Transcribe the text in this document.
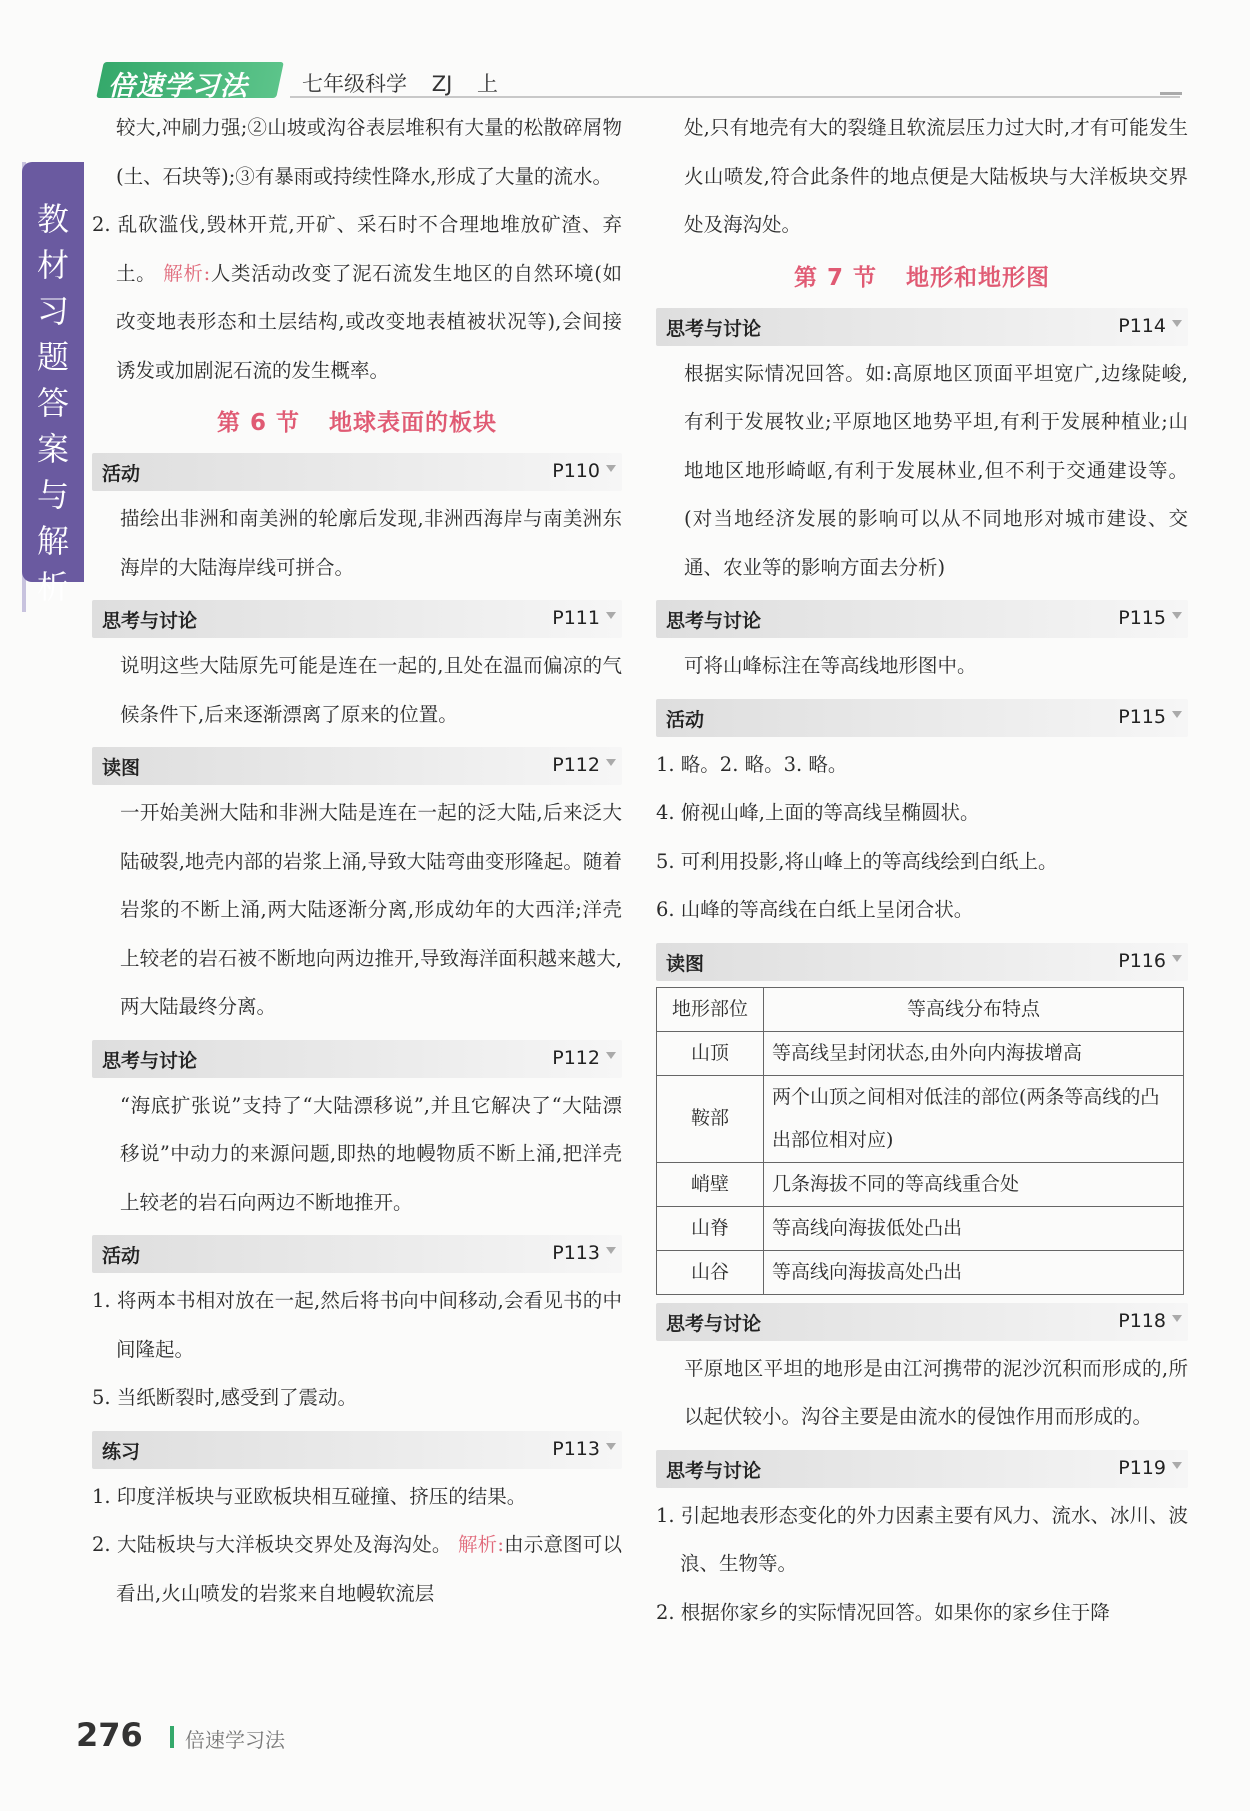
倍速学习法	七年级科学 ZJ 上
教材习题答案与解析

较大,冲刷力强;②山坡或沟谷表层堆积有大量的松散碎屑物(土、石块等);③有暴雨或持续性降水,形成了大量的流水。

2. 乱砍滥伐,毁林开荒,开矿、采石时不合理地堆放矿渣、弃土。 解析:人类活动改变了泥石流发生地区的自然环境(如改变地表形态和土层结构,或改变地表植被状况等),会间接诱发或加剧泥石流的发生概率。

第 6 节 地球表面的板块
活动	P110

描绘出非洲和南美洲的轮廓后发现,非洲西海岸与南美洲东海岸的大陆海岸线可拼合。

思考与讨论	P111

说明这些大陆原先可能是连在一起的,且处在温而偏凉的气候条件下,后来逐渐漂离了原来的位置。

读图	P112

一开始美洲大陆和非洲大陆是连在一起的泛大陆,后来泛大陆破裂,地壳内部的岩浆上涌,导致大陆弯曲变形隆起。随着岩浆的不断上涌,两大陆逐渐分离,形成幼年的大西洋;洋壳上较老的岩石被不断地向两边推开,导致海洋面积越来越大,两大陆最终分离。

思考与讨论	P112

“海底扩张说”支持了“大陆漂移说”,并且它解决了“大陆漂移说”中动力的来源问题,即热的地幔物质不断上涌,把洋壳上较老的岩石向两边不断地推开。

活动	P113

1. 将两本书相对放在一起,然后将书向中间移动,会看见书的中间隆起。

5. 当纸断裂时,感受到了震动。

练习	P113

1. 印度洋板块与亚欧板块相互碰撞、挤压的结果。

2. 大陆板块与大洋板块交界处及海沟处。 解析:由示意图可以看出,火山喷发的岩浆来自地幔软流层

处,只有地壳有大的裂缝且软流层压力过大时,才有可能发生火山喷发,符合此条件的地点便是大陆板块与大洋板块交界处及海沟处。

第 7 节 地形和地形图
思考与讨论	P114

根据实际情况回答。如:高原地区顶面平坦宽广,边缘陡峻,有利于发展牧业;平原地区地势平坦,有利于发展种植业;山地地区地形崎岖,有利于发展林业,但不利于交通建设等。(对当地经济发展的影响可以从不同地形对城市建设、交通、农业等的影响方面去分析)

思考与讨论	P115

可将山峰标注在等高线地形图中。

活动	P115

1. 略。2. 略。3. 略。

4. 俯视山峰,上面的等高线呈椭圆状。

5. 可利用投影,将山峰上的等高线绘到白纸上。

6. 山峰的等高线在白纸上呈闭合状。

读图	P116
地形部位	等高线分布特点
山顶	等高线呈封闭状态,由外向内海拔增高
鞍部	两个山顶之间相对低洼的部位(两条等高线的凸出部位相对应)
峭壁	几条海拔不同的等高线重合处
山脊	等高线向海拔低处凸出
山谷	等高线向海拔高处凸出
思考与讨论	P118

平原地区平坦的地形是由江河携带的泥沙沉积而形成的,所以起伏较小。沟谷主要是由流水的侵蚀作用而形成的。

思考与讨论	P119

1. 引起地表形态变化的外力因素主要有风力、流水、冰川、波浪、生物等。

2. 根据你家乡的实际情况回答。如果你的家乡住于降

276 倍速学习法
